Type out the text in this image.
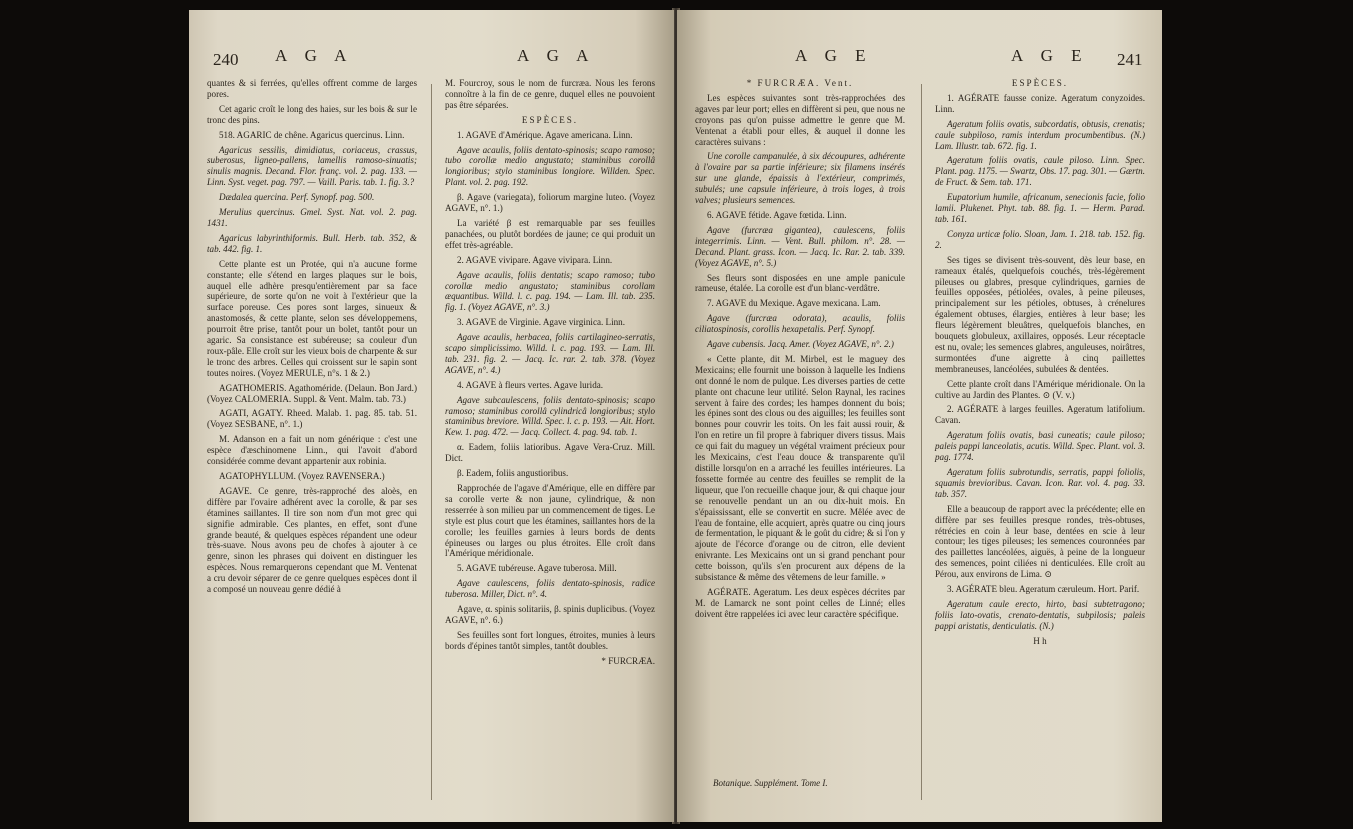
240 A G A	A G A

quantes & si ferrées, qu'elles offrent comme de larges pores.

Cet agaric croît le long des haies, sur les bois & sur le tronc des pins.

518. AGARIC de chêne. Agaricus quercinus. Linn.

Agaricus sessilis, dimidiatus, coriaceus, crassus, suberosus, ligneo-pallens, lamellis ramoso-sinuatis; sinulis magnis. Decand. Flor. franç. vol. 2. pag. 133. — Linn. Syst. veget. pag. 797. — Vaill. Paris. tab. 1. fig. 3.?

Dædalea quercina. Perf. Synopf. pag. 500.

Merulius quercinus. Gmel. Syst. Nat. vol. 2. pag. 1431.

Agaricus labyrinthiformis. Bull. Herb. tab. 352, & tab. 442. fig. 1.

Cette plante est un Protée, qui n'a aucune forme constante; elle s'étend en larges plaques sur le bois, auquel elle adhère presqu'entièrement par sa face supérieure, de sorte qu'on ne voit à l'extérieur que la surface poreuse. Ces pores sont larges, sinueux & anastomosés, & cette plante, selon ses développemens, pourroit être prise, tantôt pour un bolet, tantôt pour un agaric. Sa consistance est subéreuse; sa couleur d'un roux-pâle. Elle croît sur les vieux bois de charpente & sur le tronc des arbres. Celles qui croissent sur le sapin sont toutes noires. (Voyez MERULE, n°s. 1 & 2.)

AGATHOMERIS. Agathoméride. (Delaun. Bon Jard.) (Voyez CALOMERIA. Suppl. & Vent. Malm. tab. 73.)

AGATI, AGATY. Rheed. Malab. 1. pag. 85. tab. 51. (Voyez SESBANE, n°. 1.)

M. Adanson en a fait un nom générique : c'est une espèce d'æschinomene Linn., qui l'avoit d'abord considérée comme devant appartenir aux robinia.

AGATOPHYLLUM. (Voyez RAVENSERA.)

AGAVE. Ce genre, très-rapproché des aloès, en diffère par l'ovaire adhérent avec la corolle, & par ses étamines saillantes. Il tire son nom d'un mot grec qui signifie admirable. Ces plantes, en effet, sont d'une grande beauté, & quelques espèces répandent une odeur très-suave. Nous avons peu de chofes à ajouter à ce genre, sinon les phrases qui doivent en distinguer les espèces. Nous remarquerons cependant que M. Ventenat a cru devoir séparer de ce genre quelques espèces dont il a composé un nouveau genre dédié à

M. Fourcroy, sous le nom de furcræa. Nous les ferons connoître à la fin de ce genre, duquel elles ne pouvoient pas être séparées.

ESPÈCES.

1. AGAVE d'Amérique. Agave americana. Linn.

Agave acaulis, foliis dentato-spinosis; scapo ramoso; tubo corollæ medio angustato; staminibus corollâ longioribus; stylo staminibus longiore. Willden. Spec. Plant. vol. 2. pag. 192.

β. Agave (variegata), foliorum margine luteo. (Voyez AGAVE, n°. 1.)

La variété β est remarquable par ses feuilles panachées, ou plutôt bordées de jaune; ce qui produit un effet très-agréable.

2. AGAVE vivipare. Agave vivipara. Linn.

Agave acaulis, foliis dentatis; scapo ramoso; tubo corollæ medio angustato; staminibus corollam æquantibus. Willd. l. c. pag. 194. — Lam. Ill. tab. 235. fig. 1. (Voyez AGAVE, n°. 3.)

3. AGAVE de Virginie. Agave virginica. Linn.

Agave acaulis, herbacea, foliis cartilagineo-serratis, scapo simplicissimo. Willd. l. c. pag. 193. — Lam. Ill. tab. 231. fig. 2. — Jacq. Ic. rar. 2. tab. 378. (Voyez AGAVE, n°. 4.)

4. AGAVE à fleurs vertes. Agave lurida.

Agave subcaulescens, foliis dentato-spinosis; scapo ramoso; staminibus corollâ cylindricâ longioribus; stylo staminibus breviore. Willd. Spec. l. c. p. 193. — Ait. Hort. Kew. 1. pag. 472. — Jacq. Collect. 4. pag. 94. tab. 1.

α. Eadem, foliis latioribus. Agave Vera-Cruz. Mill. Dict.

β. Eadem, foliis angustioribus.

Rapprochée de l'agave d'Amérique, elle en diffère par sa corolle verte & non jaune, cylindrique, & non resserrée à son milieu par un commencement de tiges. Le style est plus court que les étamines, saillantes hors de la corolle; les feuilles garnies à leurs bords de dents épineuses ou larges ou plus étroites. Elle croît dans l'Amérique méridionale.

5. AGAVE tubéreuse. Agave tuberosa. Mill.

Agave caulescens, foliis dentato-spinosis, radice tuberosa. Miller, Dict. n°. 4.

Agave, α. spinis solitariis, β. spinis duplicibus. (Voyez AGAVE, n°. 6.)

Ses feuilles sont fort longues, étroites, munies à leurs bords d'épines tantôt simples, tantôt doubles.

* FURCRÆA.

A G E	A G E 241

* FURCRÆA. Vent.

Les espèces suivantes sont très-rapprochées des agaves par leur port; elles en diffèrent si peu, que nous ne croyons pas qu'on puisse admettre le genre que M. Ventenat a établi pour elles, & auquel il donne les caractères suivans :

Une corolle campanulée, à six découpures, adhérente à l'ovaire par sa partie inférieure; six filamens insérés sur une glande, épaissis à l'extérieur, comprimés, subulés; une capsule inférieure, à trois loges, à trois valves; plusieurs semences.

6. AGAVE fétide. Agave fœtida. Linn.

Agave (furcræa gigantea), caulescens, foliis integerrimis. Linn. — Vent. Bull. philom. n°. 28. — Decand. Plant. grass. Icon. — Jacq. Ic. Rar. 2. tab. 339. (Voyez AGAVE, n°. 5.)

Ses fleurs sont disposées en une ample panicule rameuse, étalée. La corolle est d'un blanc-verdâtre.

7. AGAVE du Mexique. Agave mexicana. Lam.

Agave (furcræa odorata), acaulis, foliis ciliatospinosis, corollis hexapetalis. Perf. Synopf.

Agave cubensis. Jacq. Amer. (Voyez AGAVE, n°. 2.)

« Cette plante, dit M. Mirbel, est le maguey des Mexicains; elle fournit une boisson à laquelle les Indiens ont donné le nom de pulque. Les diverses parties de cette plante ont chacune leur utilité. Selon Raynal, les racines servent à faire des cordes; les hampes donnent du bois; les épines sont des clous ou des aiguilles; les feuilles sont bonnes pour couvrir les toits. On les fait aussi rouir, & l'on en retire un fil propre à fabriquer divers tissus. Mais ce qui fait du maguey un végétal vraiment précieux pour les Mexicains, c'est l'eau douce & transparente qu'il distille lorsqu'on en a arraché les feuilles intérieures. La fossette formée au centre des feuilles se remplit de la liqueur, que l'on recueille chaque jour, & qui chaque jour se renouvelle pendant un an ou dix-huit mois. En s'épaississant, elle se convertit en sucre. Mêlée avec de l'eau de fontaine, elle acquiert, après quatre ou cinq jours de fermentation, le piquant & le goût du cidre; & si l'on y ajoute de l'écorce d'orange ou de citron, elle devient enivrante. Les Mexicains ont un si grand penchant pour cette boisson, qu'ils s'en procurent aux dépens de la subsistance & même des vêtemens de leur famille. »

AGÉRATE. Ageratum. Les deux espèces décrites par M. de Lamarck ne sont point celles de Linné; elles doivent être rappelées ici avec leur caractère spécifique.

Botanique. Supplément. Tome I.

ESPÈCES.

1. AGÉRATE fausse conize. Ageratum conyzoides. Linn.

Ageratum foliis ovatis, subcordatis, obtusis, crenatis; caule subpiloso, ramis interdum procumbentibus. (N.) Lam. Illustr. tab. 672. fig. 1.

Ageratum foliis ovatis, caule piloso. Linn. Spec. Plant. pag. 1175. — Swartz, Obs. 17. pag. 301. — Gærtn. de Fruct. & Sem. tab. 171.

Eupatorium humile, africanum, senecionis facie, folio lamii. Plukenet. Phyt. tab. 88. fig. 1. — Herm. Parad. tab. 161.

Conyza urticæ folio. Sloan, Jam. 1. 218. tab. 152. fig. 2.

Ses tiges se divisent très-souvent, dès leur base, en rameaux étalés, quelquefois couchés, très-légèrement pileuses ou glabres, presque cylindriques, garnies de feuilles opposées, pétiolées, ovales, à peine pileuses, principalement sur les pétioles, obtuses, à crénelures également obtuses, élargies, entières à leur base; les fleurs légèrement bleuâtres, quelquefois blanches, en bouquets globuleux, axillaires, opposés. Leur réceptacle est nu, ovale; les semences glabres, anguleuses, noirâtres, surmontées d'une aigrette à cinq paillettes membraneuses, lancéolées, subulées & dentées.

Cette plante croît dans l'Amérique méridionale. On la cultive au Jardin des Plantes. ⊙ (V. v.)

2. AGÉRATE à larges feuilles. Ageratum latifolium. Cavan.

Ageratum foliis ovatis, basi cuneatis; caule piloso; paleis pappi lanceolatis, acutis. Willd. Spec. Plant. vol. 3. pag. 1774.

Ageratum foliis subrotundis, serratis, pappi foliolis, squamis brevioribus. Cavan. Icon. Rar. vol. 4. pag. 33. tab. 357.

Elle a beaucoup de rapport avec la précédente; elle en diffère par ses feuilles presque rondes, très-obtuses, rétrécies en coin à leur base, dentées en scie à leur contour; les tiges pileuses; les semences couronnées par des paillettes lancéolées, aiguës, à peine de la longueur des semences, point ciliées ni denticulées. Elle croît au Pérou, aux environs de Lima. ⊙

3. AGÉRATE bleu. Ageratum cæruleum. Hort. Parif.

Ageratum caule erecto, hirto, basi subtetragono; foliis lato-ovatis, crenato-dentatis, subpilosis; paleis pappi aristatis, denticulatis. (N.)

H h
